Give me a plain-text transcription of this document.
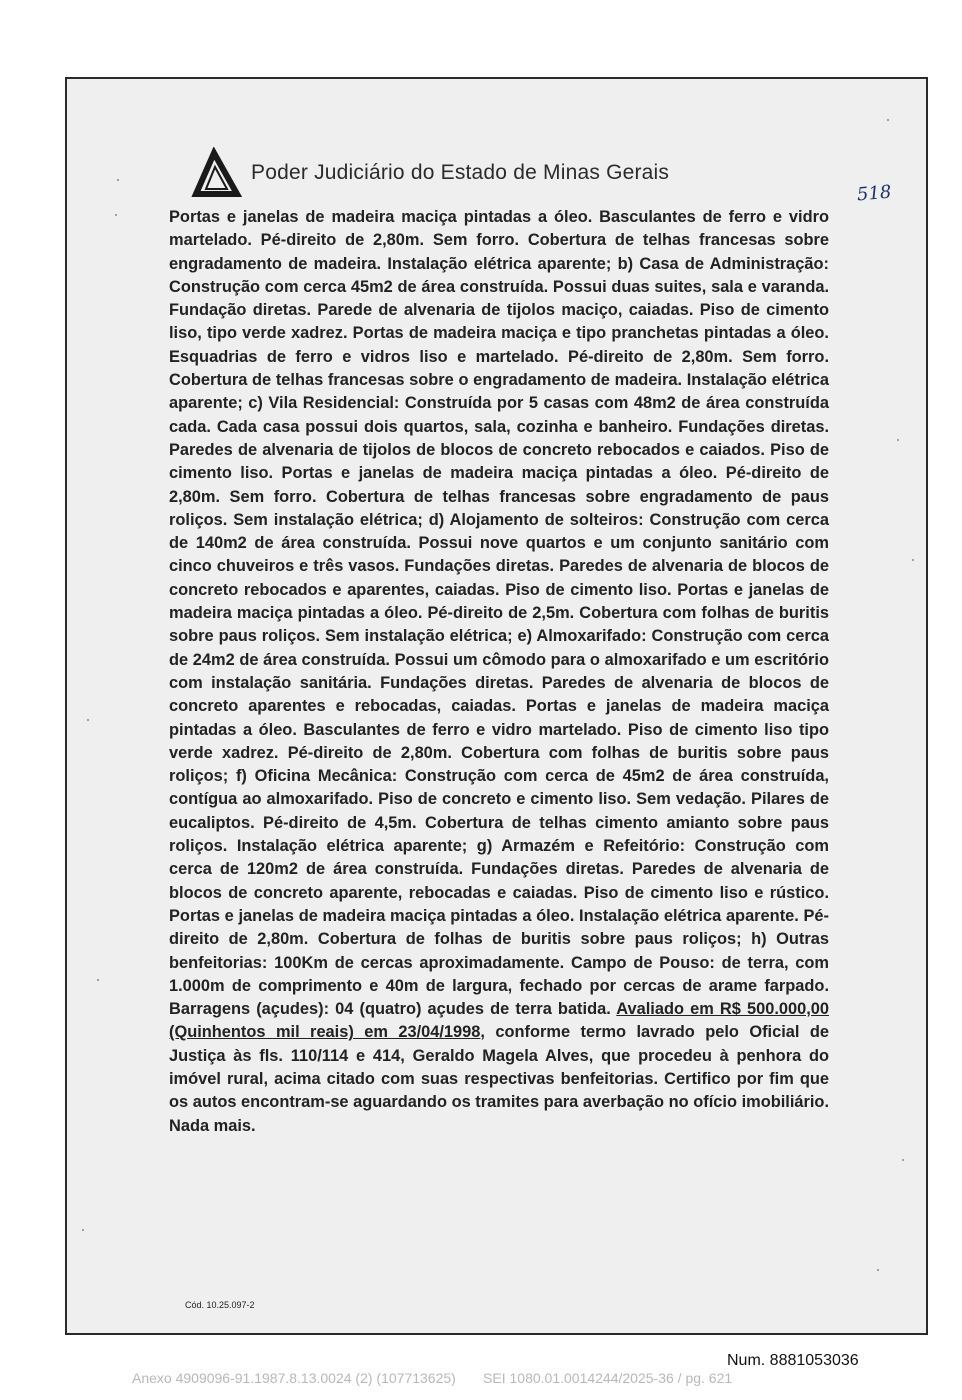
Poder Judiciário do Estado de Minas Gerais
518

Portas e janelas de madeira maciça pintadas a óleo. Basculantes de ferro e vidro martelado. Pé-direito de 2,80m. Sem forro. Cobertura de telhas francesas sobre engradamento de madeira. Instalação elétrica aparente; b) Casa de Administração: Construção com cerca 45m2 de área construída. Possui duas suites, sala e varanda. Fundação diretas. Parede de alvenaria de tijolos maciço, caiadas. Piso de cimento liso, tipo verde xadrez. Portas de madeira maciça e tipo pranchetas pintadas a óleo. Esquadrias de ferro e vidros liso e martelado. Pé-direito de 2,80m. Sem forro. Cobertura de telhas francesas sobre o engradamento de madeira. Instalação elétrica aparente; c) Vila Residencial: Construída por 5 casas com 48m2 de área construída cada. Cada casa possui dois quartos, sala, cozinha e banheiro. Fundações diretas. Paredes de alvenaria de tijolos de blocos de concreto rebocados e caiados. Piso de cimento liso. Portas e janelas de madeira maciça pintadas a óleo. Pé-direito de 2,80m. Sem forro. Cobertura de telhas francesas sobre engradamento de paus roliços. Sem instalação elétrica; d) Alojamento de solteiros: Construção com cerca de 140m2 de área construída. Possui nove quartos e um conjunto sanitário com cinco chuveiros e três vasos. Fundações diretas. Paredes de alvenaria de blocos de concreto rebocados e aparentes, caiadas. Piso de cimento liso. Portas e janelas de madeira maciça pintadas a óleo. Pé-direito de 2,5m. Cobertura com folhas de buritis sobre paus roliços. Sem instalação elétrica; e) Almoxarifado: Construção com cerca de 24m2 de área construída. Possui um cômodo para o almoxarifado e um escritório com instalação sanitária. Fundações diretas. Paredes de alvenaria de blocos de concreto aparentes e rebocadas, caiadas. Portas e janelas de madeira maciça pintadas a óleo. Basculantes de ferro e vidro martelado. Piso de cimento liso tipo verde xadrez. Pé-direito de 2,80m. Cobertura com folhas de buritis sobre paus roliços; f) Oficina Mecânica: Construção com cerca de 45m2 de área construída, contígua ao almoxarifado. Piso de concreto e cimento liso. Sem vedação. Pilares de eucaliptos. Pé-direito de 4,5m. Cobertura de telhas cimento amianto sobre paus roliços. Instalação elétrica aparente; g) Armazém e Refeitório: Construção com cerca de 120m2 de área construída. Fundações diretas. Paredes de alvenaria de blocos de concreto aparente, rebocadas e caiadas. Piso de cimento liso e rústico. Portas e janelas de madeira maciça pintadas a óleo. Instalação elétrica aparente. Pé-direito de 2,80m. Cobertura de folhas de buritis sobre paus roliços; h) Outras benfeitorias: 100Km de cercas aproximadamente. Campo de Pouso: de terra, com 1.000m de comprimento e 40m de largura, fechado por cercas de arame farpado. Barragens (açudes): 04 (quatro) açudes de terra batida. Avaliado em R$ 500.000,00 (Quinhentos mil reais) em 23/04/1998, conforme termo lavrado pelo Oficial de Justiça às fls. 110/114 e 414, Geraldo Magela Alves, que procedeu à penhora do imóvel rural, acima citado com suas respectivas benfeitorias. Certifico por fim que os autos encontram-se aguardando os tramites para averbação no ofício imobiliário. Nada mais.

Cód. 10.25.097-2
Num. 8881053036
Anexo 4909096-91.1987.8.13.0024 (2) (107713625)       SEI 1080.01.0014244/2025-36 / pg. 621
